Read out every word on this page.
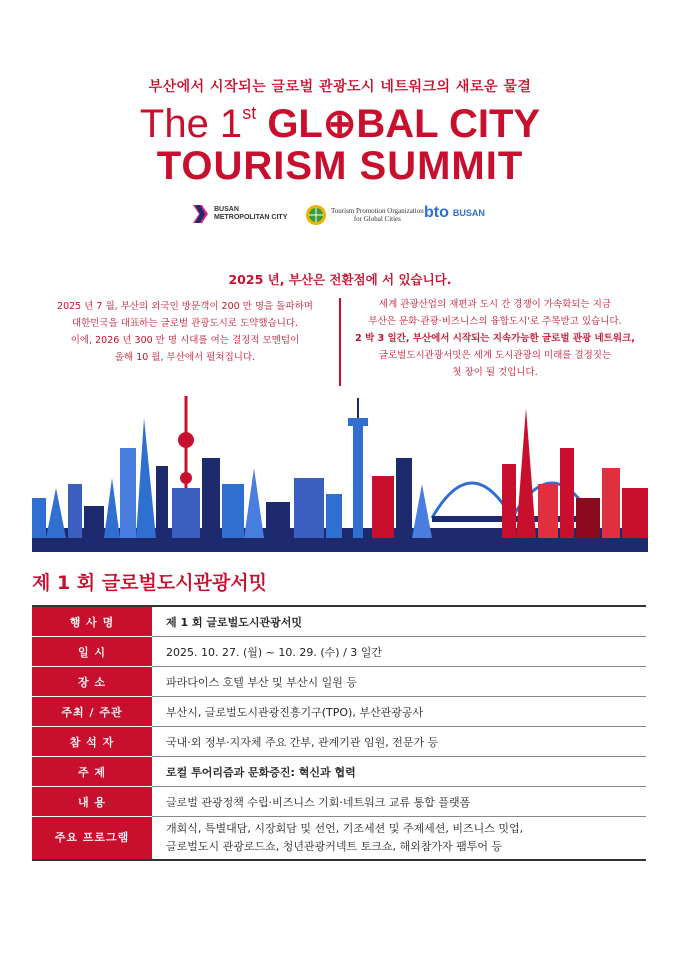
부산에서 시작되는 글로벌 관광도시 네트워크의 새로운 물결
The 1st GL⊕BAL CITY
TOURISM SUMMIT
BUSAN
METROPOLITAN CITY
Tourism Promotion Organization
for Global Cities	bto BUSAN
2025 년, 부산은 전환점에 서 있습니다.
2025 년 7 월, 부산의 외국인 방문객이 200 만 명을 돌파하며
대한민국을 대표하는 글로벌 관광도시로 도약했습니다.
이에, 2026 년 300 만 명 시대를 여는 결정적 모멘텀이
올해 10 월, 부산에서 펼쳐집니다.
세계 관광산업의 재편과 도시 간 경쟁이 가속화되는 지금
부산은 문화·관광·비즈니스의 융합도시'로 주목받고 있습니다.
2 박 3 일간, 부산에서 시작되는 지속가능한 글로벌 관광 네트워크,
글로벌도시관광서밋은 세계 도시관광의 미래를 결정짓는
첫 장이 될 것입니다.
제 1 회 글로벌도시관광서밋
행 사 명	제 1 회 글로벌도시관광서밋
일 시	2025. 10. 27. (월) ~ 10. 29. (수) / 3 일간
장 소	파라다이스 호텔 부산 및 부산시 일원 등
주최 / 주관	부산시, 글로벌도시관광진흥기구(TPO), 부산관광공사
참 석 자	국내·외 정부·지자체 주요 간부, 관계기관 임원, 전문가 등
주 제	로컬 투어리즘과 문화증진: 혁신과 협력
내 용	글로벌 관광정책 수립·비즈니스 기회·네트워크 교류 통합 플랫폼
주요 프로그램	개회식, 특별대담, 시장회담 및 선언, 기조세션 및 주제세션, 비즈니스 밋업,
글로벌도시 관광로드쇼, 청년관광커넥트 토크쇼, 해외참가자 팸투어 등
